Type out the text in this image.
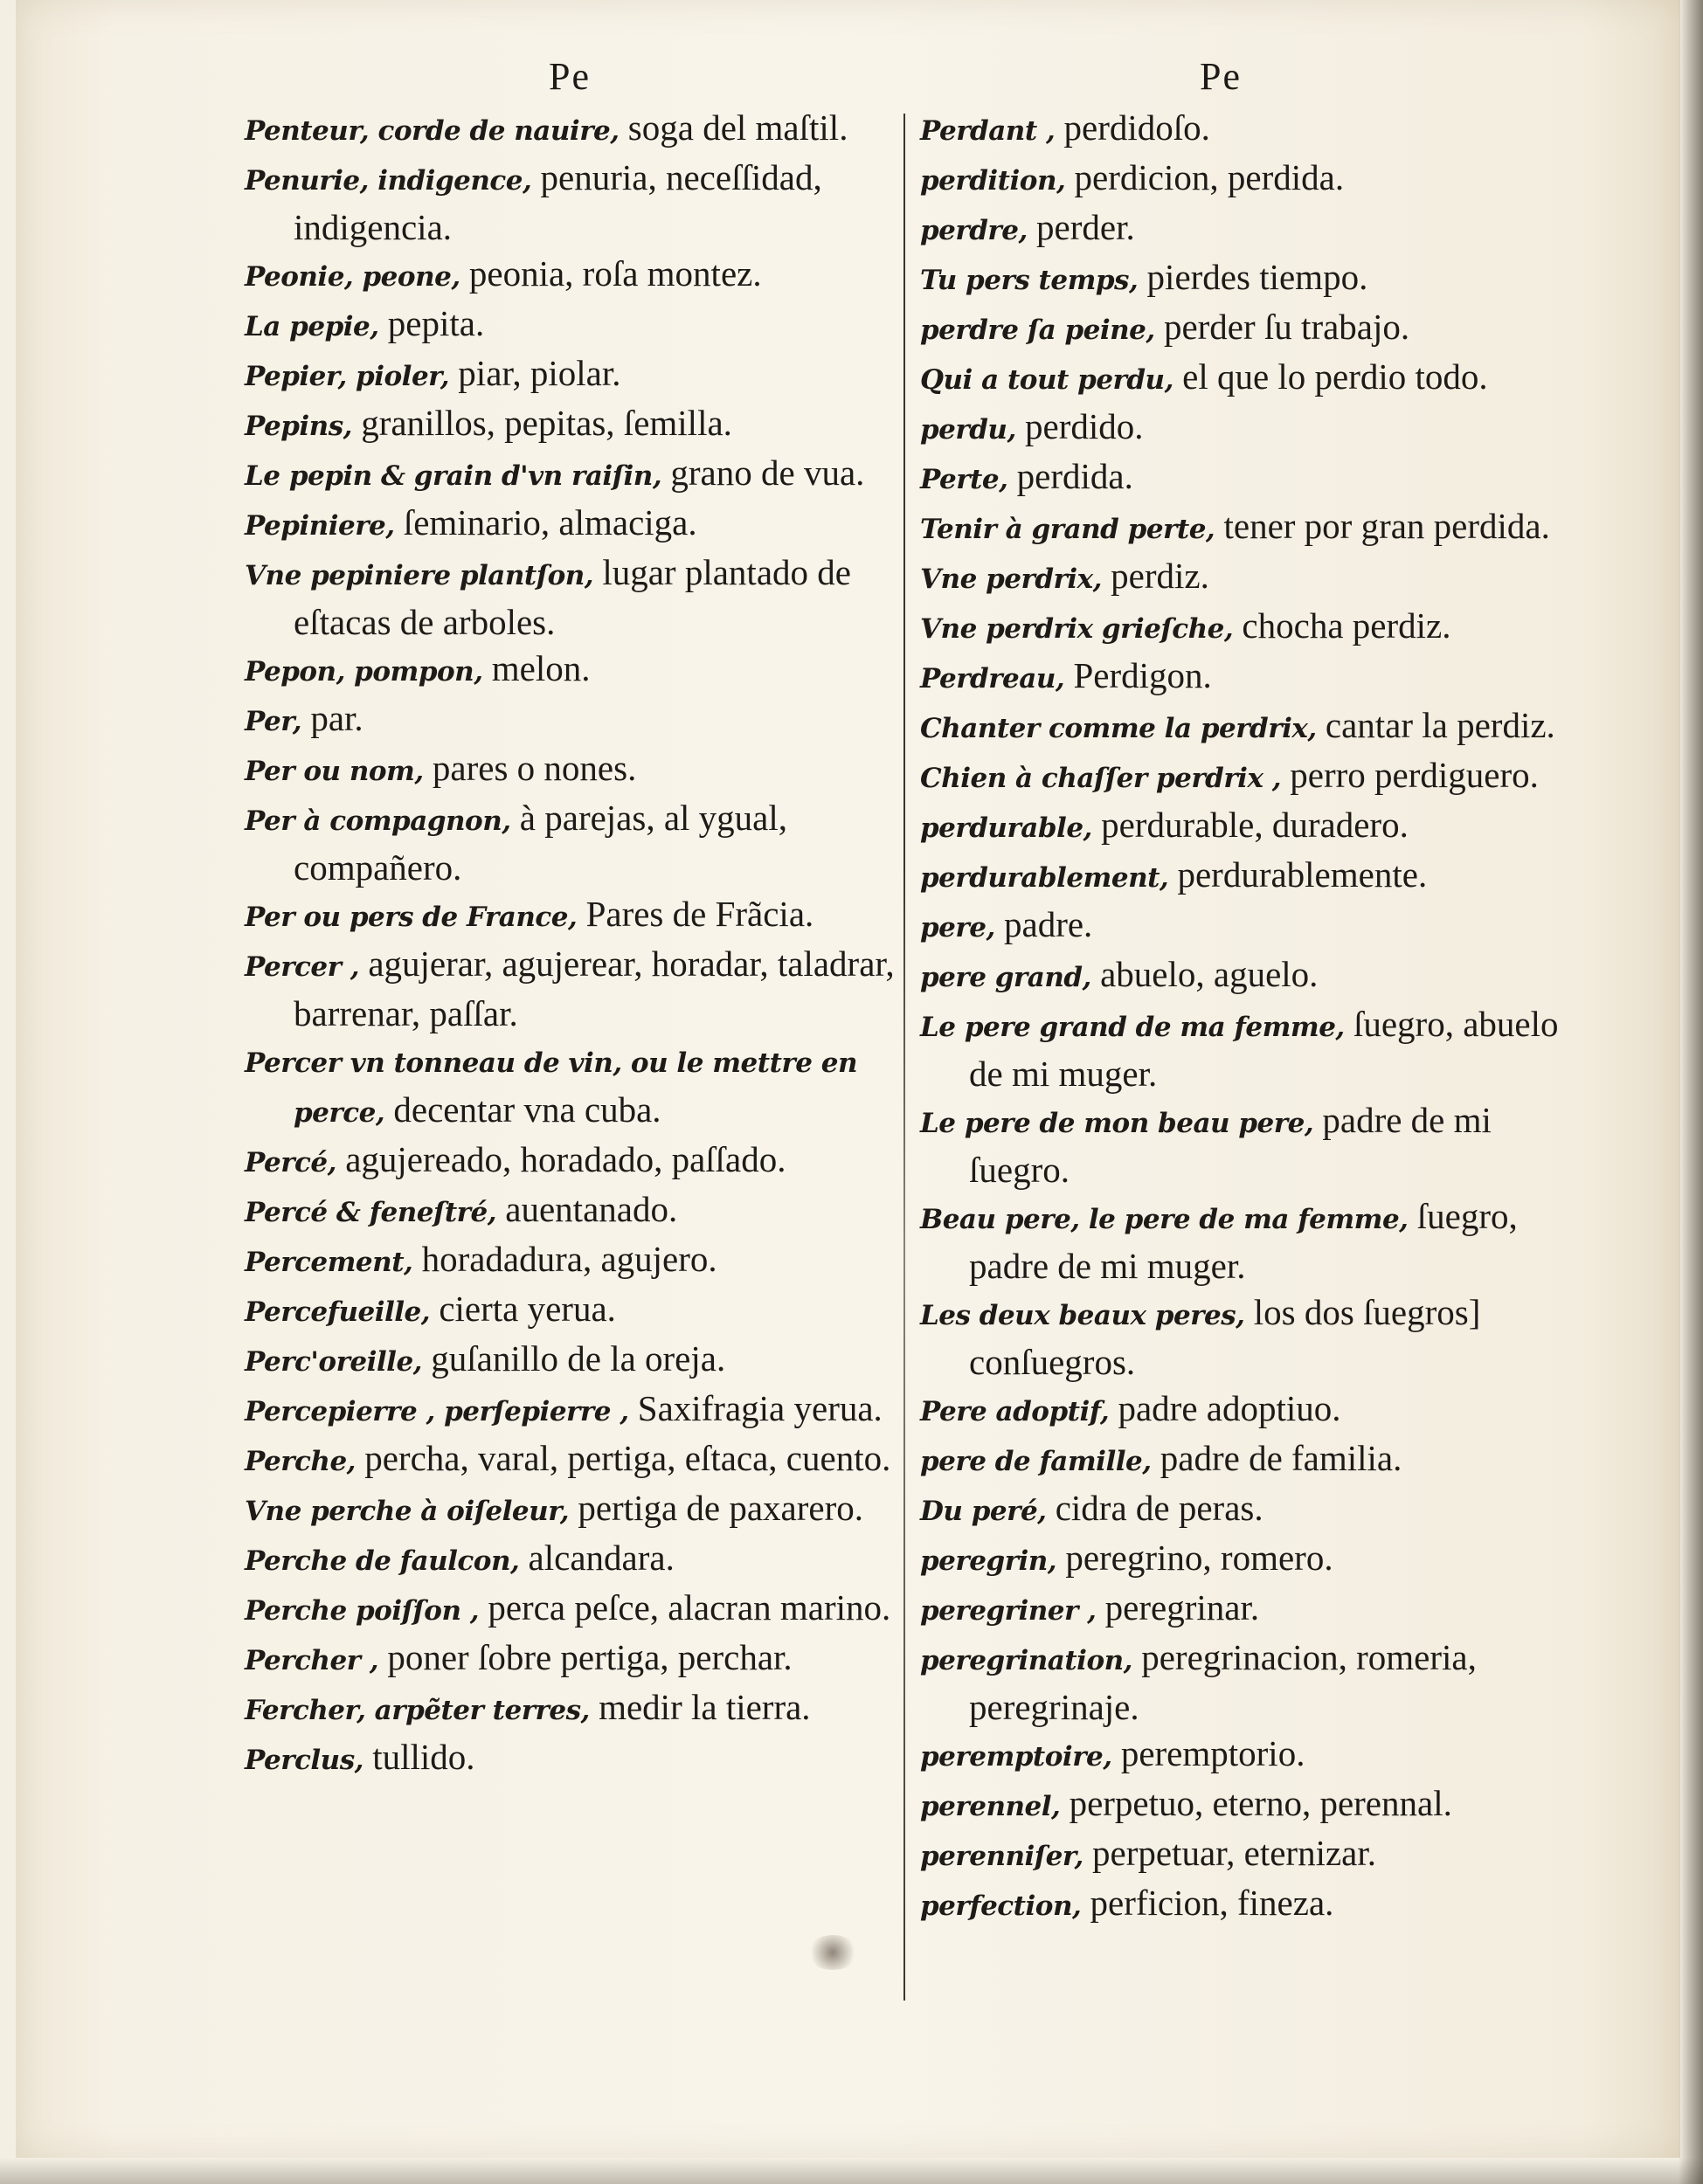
Pe	Pe

Penteur, corde de nauire, soga del maſtil.

Penurie, indigence, penuria, neceſſidad, indigencia.

Peonie, peone, peonia, roſa montez.

La pepie, pepita.

Pepier, pioler, piar, piolar.

Pepins, granillos, pepitas, ſemilla.

Le pepin & grain d'vn raiſin, grano de vua.

Pepiniere, ſeminario, almaciga.

Vne pepiniere plantſon, lugar plantado de eſtacas de arboles.

Pepon, pompon, melon.

Per, par.

Per ou nom, pares o nones.

Per à compagnon, à parejas, al ygual, compañero.

Per ou pers de France, Pares de Frãcia.

Percer , agujerar, agujerear, horadar, taladrar, barrenar, paſſar.

Percer vn tonneau de vin, ou le mettre en perce, decentar vna cuba.

Percé, agujereado, horadado, paſſado.

Percé & feneſtré, auentanado.

Percement, horadadura, agujero.

Percefueille, cierta yerua.

Perc'oreille, guſanillo de la oreja.

Percepierre , perſepierre , Saxifragia yerua.

Perche, percha, varal, pertiga, eſtaca, cuento.

Vne perche à oiſeleur, pertiga de paxarero.

Perche de faulcon, alcandara.

Perche poiſſon , perca peſce, alacran marino.

Percher , poner ſobre pertiga, perchar.

Fercher, arpẽter terres, medir la tierra.

Perclus, tullido.

Perdant , perdidoſo.

perdition, perdicion, perdida.

perdre, perder.

Tu pers temps, pierdes tiempo.

perdre ſa peine, perder ſu trabajo.

Qui a tout perdu, el que lo perdio todo.

perdu, perdido.

Perte, perdida.

Tenir à grand perte, tener por gran perdida.

Vne perdrix, perdiz.

Vne perdrix grieſche, chocha perdiz.

Perdreau, Perdigon.

Chanter comme la perdrix, cantar la perdiz.

Chien à chaſſer perdrix , perro perdiguero.

perdurable, perdurable, duradero.

perdurablement, perdurablemente.

pere, padre.

pere grand, abuelo, aguelo.

Le pere grand de ma femme, ſuegro, abuelo de mi muger.

Le pere de mon beau pere, padre de mi ſuegro.

Beau pere, le pere de ma femme, ſuegro, padre de mi muger.

Les deux beaux peres, los dos ſuegros] conſuegros.

Pere adoptif, padre adoptiuo.

pere de famille, padre de familia.

Du peré, cidra de peras.

peregrin, peregrino, romero.

peregriner , peregrinar.

peregrination, peregrinacion, romeria, peregrinaje.

peremptoire, peremptorio.

perennel, perpetuo, eterno, perennal.

perenniſer, perpetuar, eternizar.

perfection, perficion, fineza.
